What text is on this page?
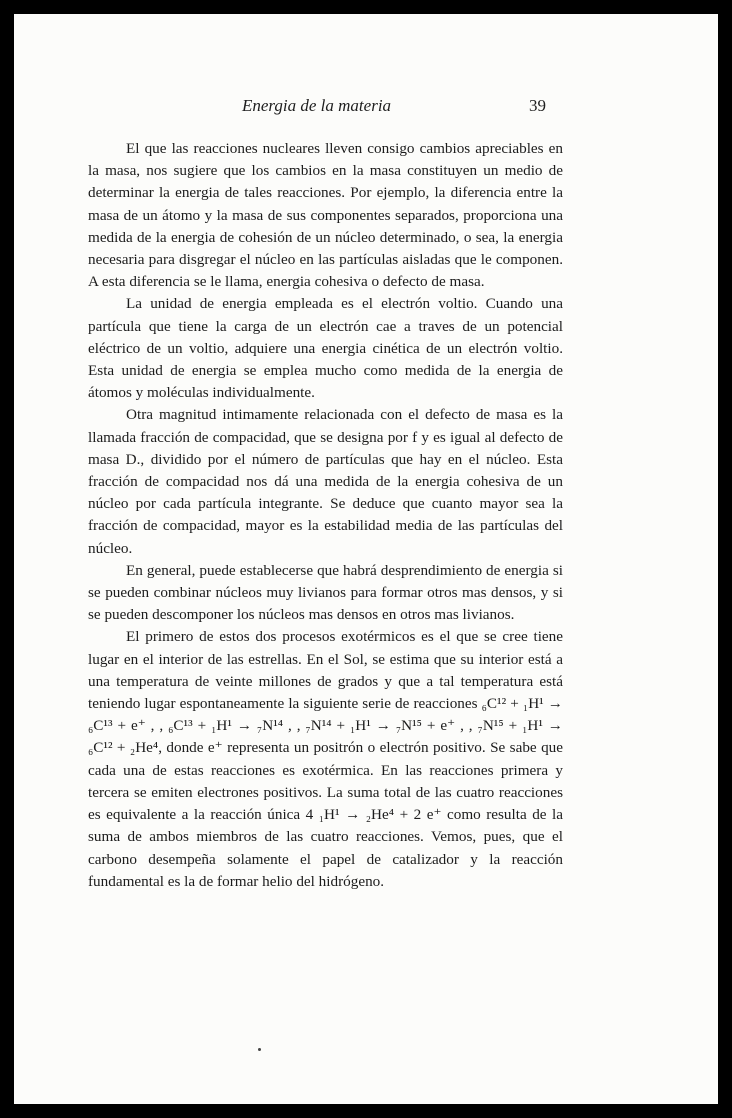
Energia de la materia	39

El que las reacciones nucleares lleven consigo cambios apreciables en la masa, nos sugiere que los cambios en la masa constituyen un medio de determinar la energia de tales reacciones. Por ejemplo, la diferencia entre la masa de un átomo y la masa de sus componentes separados, proporciona una medida de la energia de cohesión de un núcleo determinado, o sea, la energia necesaria para disgregar el núcleo en las partículas aisladas que le componen. A esta diferencia se le llama, energia cohesiva o defecto de masa.

La unidad de energia empleada es el electrón voltio. Cuando una partícula que tiene la carga de un electrón cae a traves de un potencial eléctrico de un voltio, adquiere una energia cinética de un electrón voltio. Esta unidad de energia se emplea mucho como medida de la energia de átomos y moléculas individualmente.

Otra magnitud intimamente relacionada con el defecto de masa es la llamada fracción de compacidad, que se designa por f y es igual al defecto de masa D., dividido por el número de partículas que hay en el núcleo. Esta fracción de compacidad nos dá una medida de la energia cohesiva de un núcleo por cada partícula integrante. Se deduce que cuanto mayor sea la fracción de compacidad, mayor es la estabilidad media de las partículas del núcleo.

En general, puede establecerse que habrá desprendimiento de energia si se pueden combinar núcleos muy livianos para formar otros mas densos, y si se pueden descomponer los núcleos mas densos en otros mas livianos.

El primero de estos dos procesos exotérmicos es el que se cree tiene lugar en el interior de las estrellas. En el Sol, se estima que su interior está a una temperatura de veinte millones de grados y que a tal temperatura está teniendo lugar espontaneamente la siguiente serie de reacciones ₆C¹² + ₁H¹ → ₆C¹³ + e⁺ , , ₆C¹³ + ₁H¹ → ₇N¹⁴ , , ₇N¹⁴ + ₁H¹ → ₇N¹⁵ + e⁺ , , ₇N¹⁵ + ₁H¹ → ₆C¹² + ₂He⁴, donde e⁺ representa un positrón o electrón positivo. Se sabe que cada una de estas reacciones es exotérmica. En las reacciones primera y tercera se emiten electrones positivos. La suma total de las cuatro reacciones es equivalente a la reacción única 4 ₁H¹ → ₂He⁴ + 2 e⁺ como resulta de la suma de ambos miembros de las cuatro reacciones. Vemos, pues, que el carbono desempeña solamente el papel de catalizador y la reacción fundamental es la de formar helio del hidrógeno.
